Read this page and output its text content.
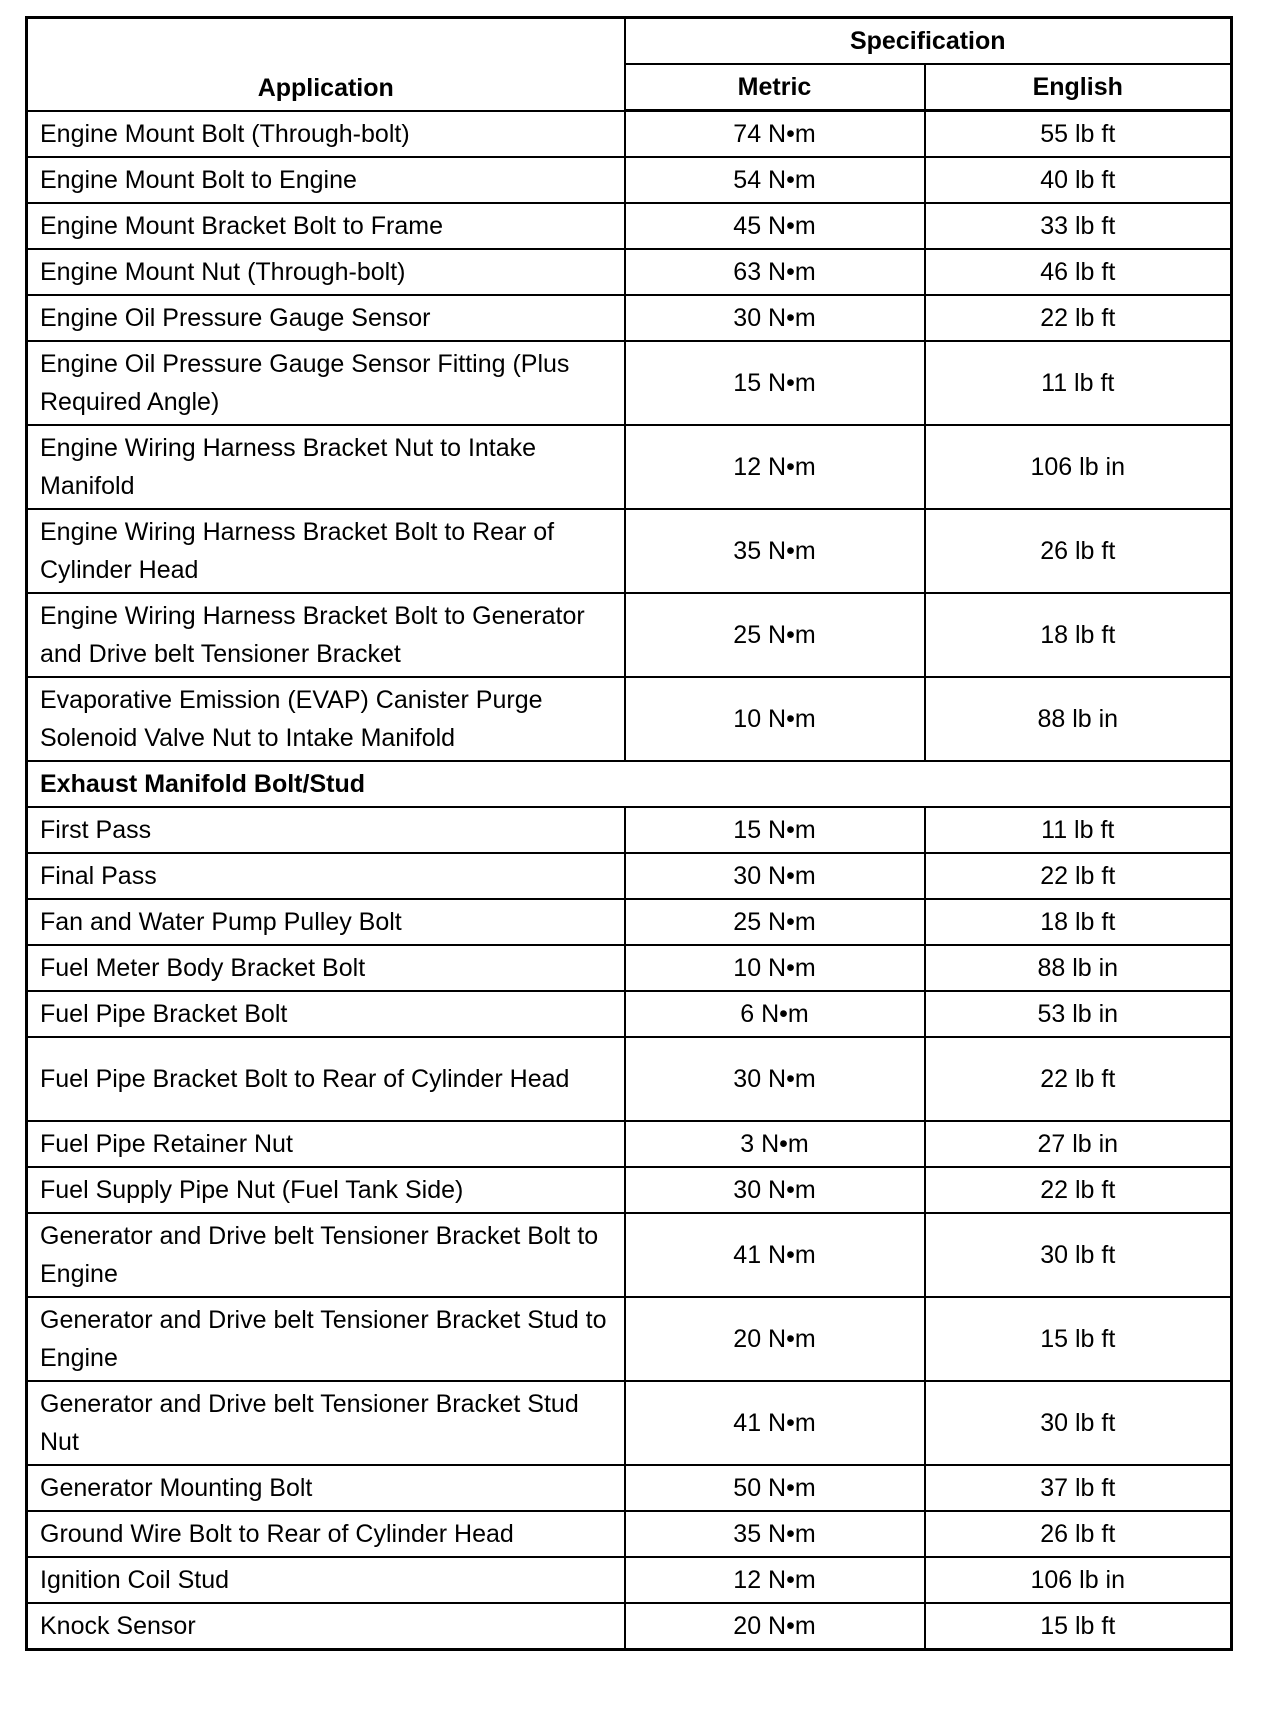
Application	Specification	
	Metric	English
Engine Mount Bolt (Through-bolt)	74 N•m	55 lb ft
Engine Mount Bolt to Engine	54 N•m	40 lb ft
Engine Mount Bracket Bolt to Frame	45 N•m	33 lb ft
Engine Mount Nut (Through-bolt)	63 N•m	46 lb ft
Engine Oil Pressure Gauge Sensor	30 N•m	22 lb ft
Engine Oil Pressure Gauge Sensor Fitting (Plus Required Angle)	15 N•m	11 lb ft
Engine Wiring Harness Bracket Nut to Intake Manifold	12 N•m	106 lb in
Engine Wiring Harness Bracket Bolt to Rear of Cylinder Head	35 N•m	26 lb ft
Engine Wiring Harness Bracket Bolt to Generator and Drive belt Tensioner Bracket	25 N•m	18 lb ft
Evaporative Emission (EVAP) Canister Purge Solenoid Valve Nut to Intake Manifold	10 N•m	88 lb in
Exhaust Manifold Bolt/Stud		
First Pass	15 N•m	11 lb ft
Final Pass	30 N•m	22 lb ft
Fan and Water Pump Pulley Bolt	25 N•m	18 lb ft
Fuel Meter Body Bracket Bolt	10 N•m	88 lb in
Fuel Pipe Bracket Bolt	6 N•m	53 lb in
Fuel Pipe Bracket Bolt to Rear of Cylinder Head	30 N•m	22 lb ft
Fuel Pipe Retainer Nut	3 N•m	27 lb in
Fuel Supply Pipe Nut (Fuel Tank Side)	30 N•m	22 lb ft
Generator and Drive belt Tensioner Bracket Bolt to Engine	41 N•m	30 lb ft
Generator and Drive belt Tensioner Bracket Stud to Engine	20 N•m	15 lb ft
Generator and Drive belt Tensioner Bracket Stud Nut	41 N•m	30 lb ft
Generator Mounting Bolt	50 N•m	37 lb ft
Ground Wire Bolt to Rear of Cylinder Head	35 N•m	26 lb ft
Ignition Coil Stud	12 N•m	106 lb in
Knock Sensor	20 N•m	15 lb ft
